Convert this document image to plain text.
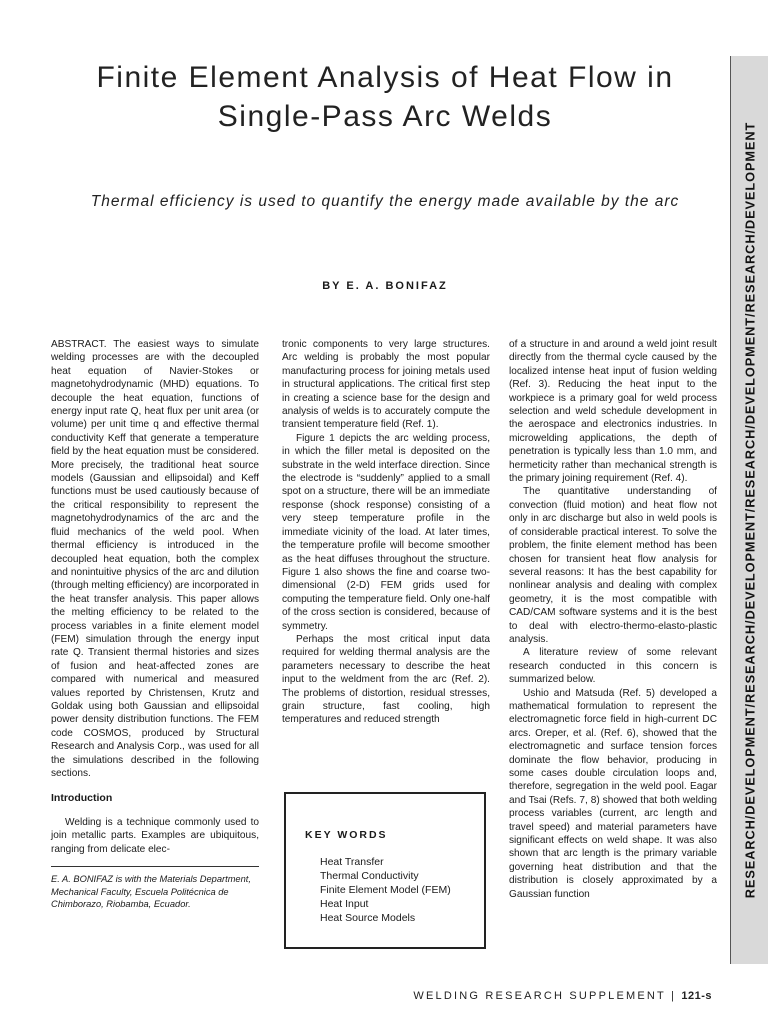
Finite Element Analysis of Heat Flow in
Single-Pass Arc Welds

Thermal efficiency is used to quantify the energy made available by the arc

BY E. A. BONIFAZ

ABSTRACT. The easiest ways to simulate welding processes are with the decoupled heat equation of Navier-Stokes or magnetohydrodynamic (MHD) equations. To decouple the heat equation, functions of energy input rate Q, heat flux per unit area (or volume) per unit time q and effective thermal conductivity Keff that generate a temperature field by the heat equation must be considered. More precisely, the traditional heat source models (Gaussian and ellipsoidal) and Keff functions must be used cautiously because of the critical responsibility to represent the magnetohydrodynamics of the arc and the fluid mechanics of the weld pool. When thermal efficiency is introduced in the decoupled heat equation, both the complex and nonintuitive physics of the arc and dilution (through melting efficiency) are incorporated in the heat transfer analysis. This paper allows the melting efficiency to be related to the process variables in a finite element model (FEM) simulation through the energy input rate Q. Transient thermal histories and sizes of fusion and heat-affected zones are compared with numerical and measured values reported by Christensen, Krutz and Goldak using both Gaussian and ellipsoidal power density distribution functions. The FEM code COSMOS, produced by Structural Research and Analysis Corp., was used for all the simulations described in the following sections.

Introduction

Welding is a technique commonly used to join metallic parts. Examples are ubiquitous, ranging from delicate elec-

E. A. BONIFAZ is with the Materials Department, Mechanical Faculty, Escuela Politécnica de Chimborazo, Riobamba, Ecuador.

tronic components to very large structures. Arc welding is probably the most popular manufacturing process for joining metals used in structural applications. The critical first step in creating a science base for the design and analysis of welds is to accurately compute the transient temperature field (Ref. 1).

Figure 1 depicts the arc welding process, in which the filler metal is deposited on the substrate in the weld interface direction. Since the electrode is “suddenly” applied to a small spot on a structure, there will be an immediate response (shock response) consisting of a very steep temperature profile in the immediate vicinity of the load. At later times, the temperature profile will become smoother as the heat diffuses throughout the structure. Figure 1 also shows the fine and coarse two-dimensional (2-D) FEM grids used for computing the temperature field. Only one-half of the cross section is considered, because of symmetry.

Perhaps the most critical input data required for welding thermal analysis are the parameters necessary to describe the heat input to the weldment from the arc (Ref. 2). The problems of distortion, residual stresses, grain structure, fast cooling, high temperatures and reduced strength

KEY WORDS
Heat Transfer
Thermal Conductivity
Finite Element Model (FEM)
Heat Input
Heat Source Models

of a structure in and around a weld joint result directly from the thermal cycle caused by the localized intense heat input of fusion welding (Ref. 3). Reducing the heat input to the workpiece is a primary goal for weld process selection and weld schedule development in the aerospace and electronics industries. In microwelding applications, the depth of penetration is typically less than 1.0 mm, and hermeticity rather than mechanical strength is the primary joining requirement (Ref. 4).

The quantitative understanding of convection (fluid motion) and heat flow not only in arc discharge but also in weld pools is of considerable practical interest. To solve the problem, the finite element method has been chosen for transient heat flow analysis for several reasons: It has the best capability for nonlinear analysis and dealing with complex geometry, it is the most compatible with CAD/CAM software systems and it is the best to deal with electro-thermo-elasto-plastic analysis.

A literature review of some relevant research conducted in this concern is summarized below.

Ushio and Matsuda (Ref. 5) developed a mathematical formulation to represent the electromagnetic force field in high-current DC arcs. Oreper, et al. (Ref. 6), showed that the electromagnetic and surface tension forces dominate the flow behavior, producing in some cases double circulation loops and, therefore, segregation in the weld pool. Eagar and Tsai (Refs. 7, 8) showed that both welding process variables (current, arc length and travel speed) and material parameters have significant effects on weld shape. It was also shown that arc length is the primary variable governing heat distribution and that the distribution is closely approximated by a Gaussian function	RESEARCH/DEVELOPMENT/RESEARCH/DEVELOPMENT/RESEARCH/DEVELOPMENT/RESEARCH/DEVELOPMENT
WELDING RESEARCH SUPPLEMENT | 121-s
